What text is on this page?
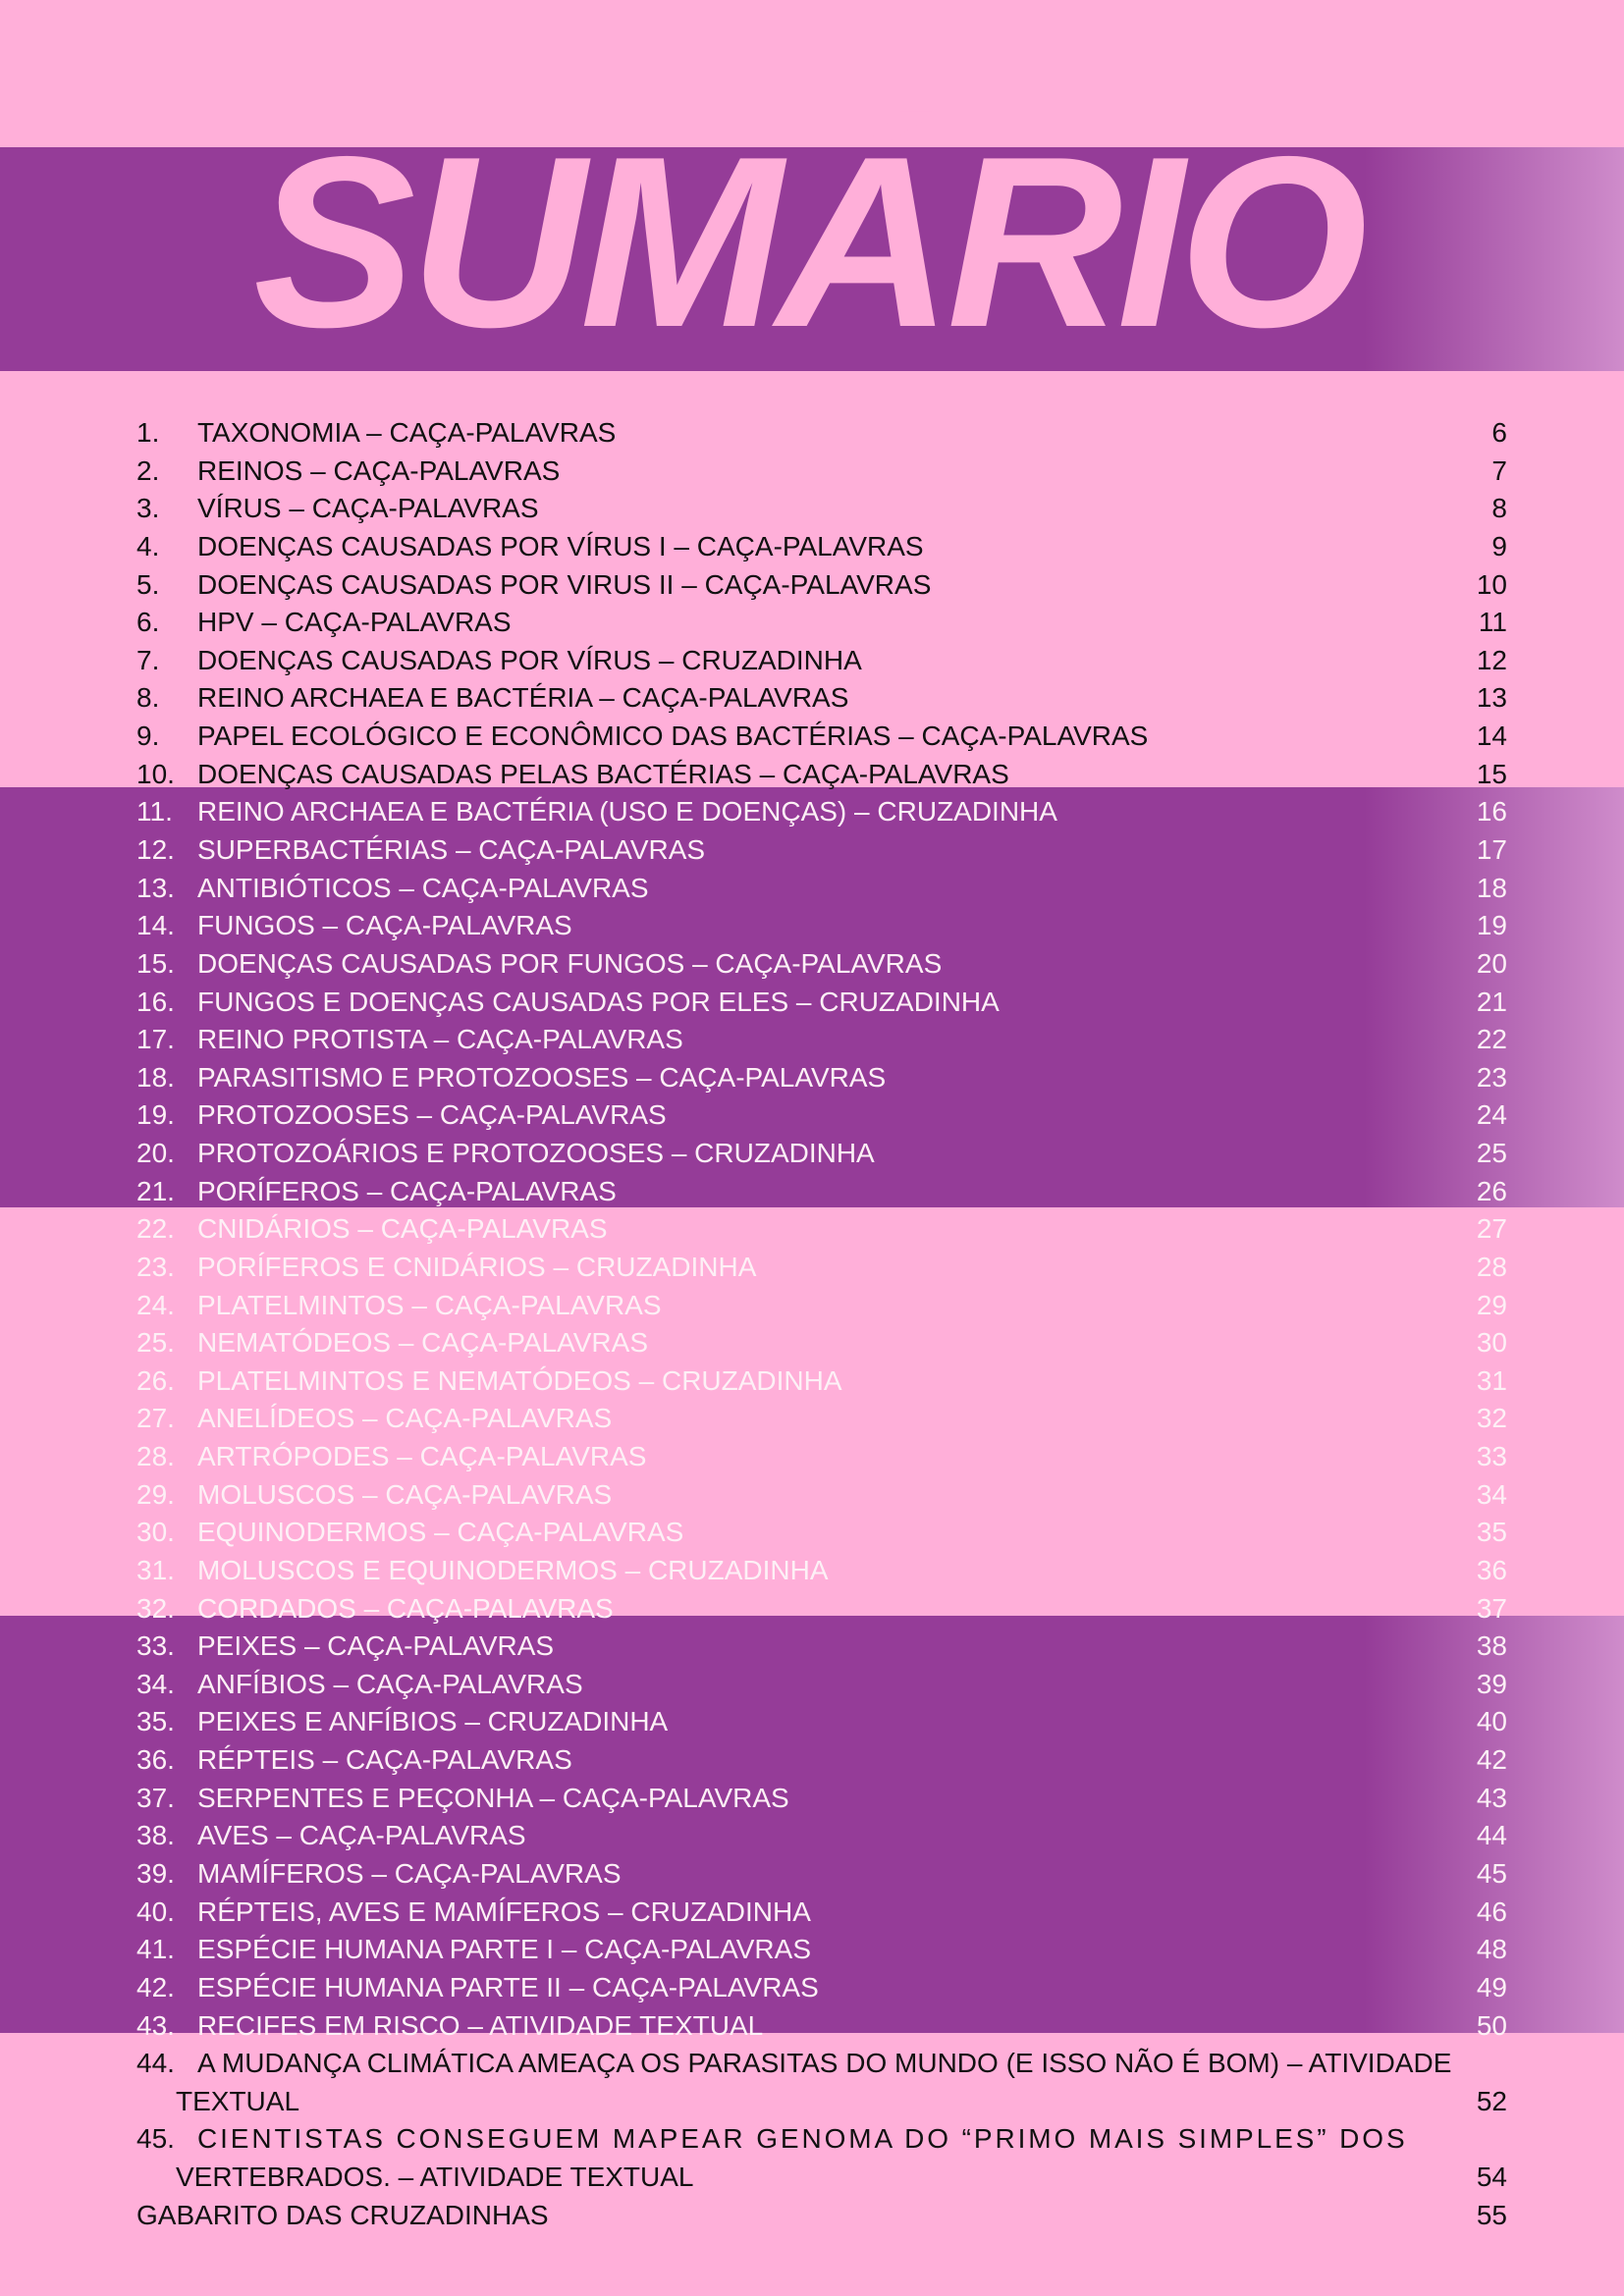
SUMÁRIO
1. TAXONOMIA – CAÇA-PALAVRAS	6
2. REINOS – CAÇA-PALAVRAS	7
3. VÍRUS – CAÇA-PALAVRAS	8
4. DOENÇAS CAUSADAS POR VÍRUS I – CAÇA-PALAVRAS	9
5. DOENÇAS CAUSADAS POR VIRUS II – CAÇA-PALAVRAS	10
6. HPV – CAÇA-PALAVRAS	11
7. DOENÇAS CAUSADAS POR VÍRUS – CRUZADINHA	12
8. REINO ARCHAEA E BACTÉRIA – CAÇA-PALAVRAS	13
9. PAPEL ECOLÓGICO E ECONÔMICO DAS BACTÉRIAS – CAÇA-PALAVRAS	14
10. DOENÇAS CAUSADAS PELAS BACTÉRIAS – CAÇA-PALAVRAS	15
11. REINO ARCHAEA E BACTÉRIA (USO E DOENÇAS) – CRUZADINHA	16
12. SUPERBACTÉRIAS – CAÇA-PALAVRAS	17
13. ANTIBIÓTICOS – CAÇA-PALAVRAS	18
14. FUNGOS – CAÇA-PALAVRAS	19
15. DOENÇAS CAUSADAS POR FUNGOS – CAÇA-PALAVRAS	20
16. FUNGOS E DOENÇAS CAUSADAS POR ELES – CRUZADINHA	21
17. REINO PROTISTA – CAÇA-PALAVRAS	22
18. PARASITISMO E PROTOZOOSES – CAÇA-PALAVRAS	23
19. PROTOZOOSES – CAÇA-PALAVRAS	24
20. PROTOZOÁRIOS E PROTOZOOSES – CRUZADINHA	25
21. PORÍFEROS – CAÇA-PALAVRAS	26
22. CNIDÁRIOS – CAÇA-PALAVRAS	27
23. PORÍFEROS E CNIDÁRIOS – CRUZADINHA	28
24. PLATELMINTOS – CAÇA-PALAVRAS	29
25. NEMATÓDEOS – CAÇA-PALAVRAS	30
26. PLATELMINTOS E NEMATÓDEOS – CRUZADINHA	31
27. ANELÍDEOS – CAÇA-PALAVRAS	32
28. ARTRÓPODES – CAÇA-PALAVRAS	33
29. MOLUSCOS – CAÇA-PALAVRAS	34
30. EQUINODERMOS – CAÇA-PALAVRAS	35
31. MOLUSCOS E EQUINODERMOS – CRUZADINHA	36
32. CORDADOS – CAÇA-PALAVRAS	37
33. PEIXES – CAÇA-PALAVRAS	38
34. ANFÍBIOS – CAÇA-PALAVRAS	39
35. PEIXES E ANFÍBIOS – CRUZADINHA	40
36. RÉPTEIS – CAÇA-PALAVRAS	42
37. SERPENTES E PEÇONHA – CAÇA-PALAVRAS	43
38. AVES – CAÇA-PALAVRAS	44
39. MAMÍFEROS – CAÇA-PALAVRAS	45
40. RÉPTEIS, AVES E MAMÍFEROS – CRUZADINHA	46
41. ESPÉCIE HUMANA PARTE I – CAÇA-PALAVRAS	48
42. ESPÉCIE HUMANA PARTE II – CAÇA-PALAVRAS	49
43. RECIFES EM RISCO – ATIVIDADE TEXTUAL	50
44. A MUDANÇA CLIMÁTICA AMEAÇA OS PARASITAS DO MUNDO (E ISSO NÃO É BOM) – ATIVIDADE
TEXTUAL	52
45. CIENTISTAS CONSEGUEM MAPEAR GENOMA DO “PRIMO MAIS SIMPLES” DOS
VERTEBRADOS. – ATIVIDADE TEXTUAL	54
GABARITO DAS CRUZADINHAS	55
